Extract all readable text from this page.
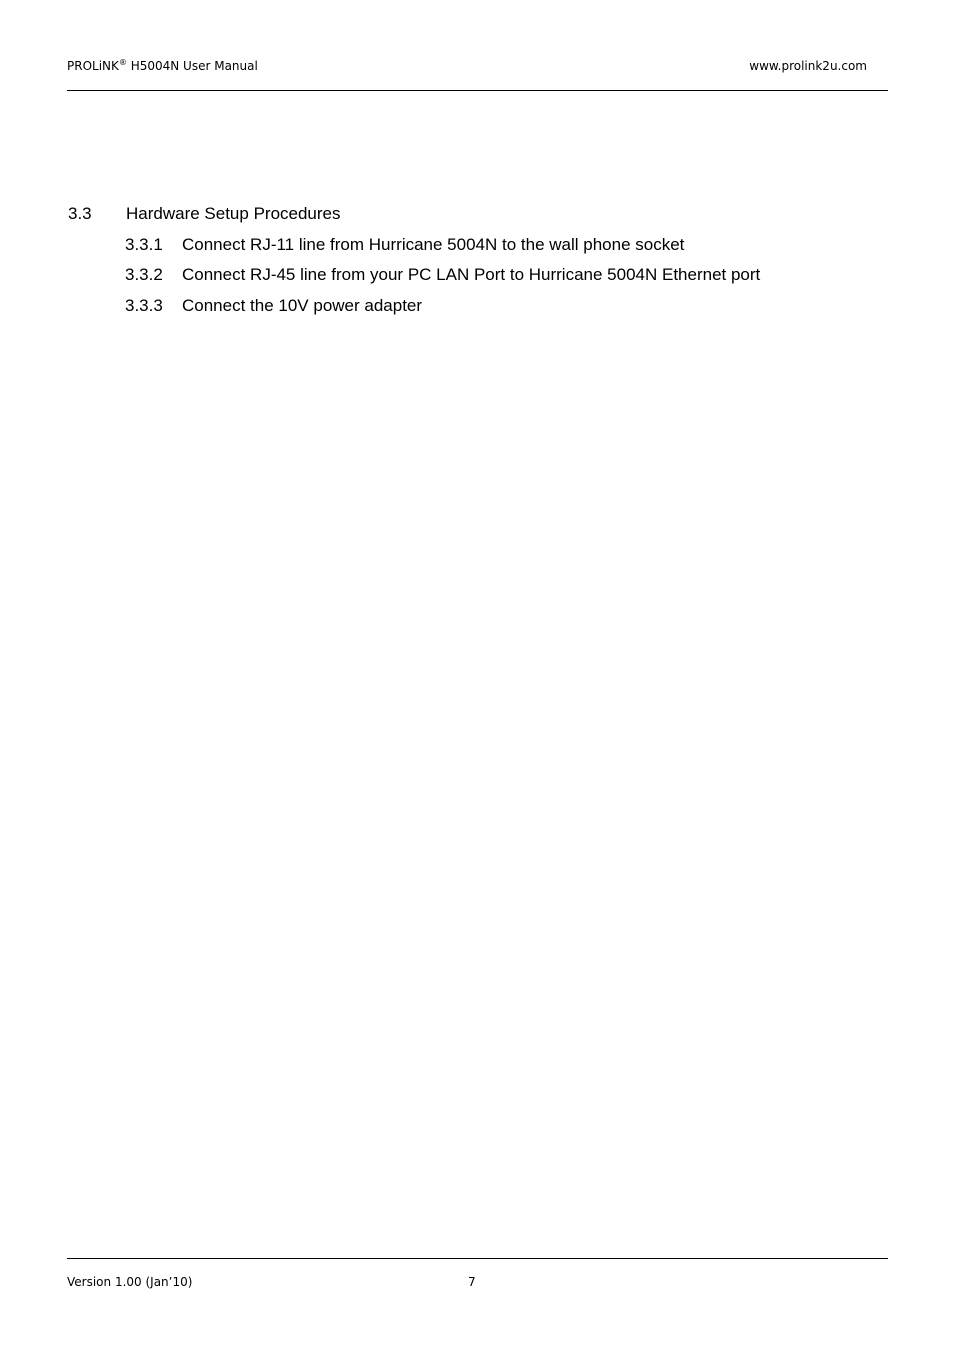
PROLiNK® H5004N User Manual	www.prolink2u.com
3.3 Hardware Setup Procedures
3.3.1 Connect RJ-11 line from Hurricane 5004N to the wall phone socket
3.3.2 Connect RJ-45 line from your PC LAN Port to Hurricane 5004N Ethernet port
3.3.3 Connect the 10V power adapter
Version 1.00 (Jan’10)	7
